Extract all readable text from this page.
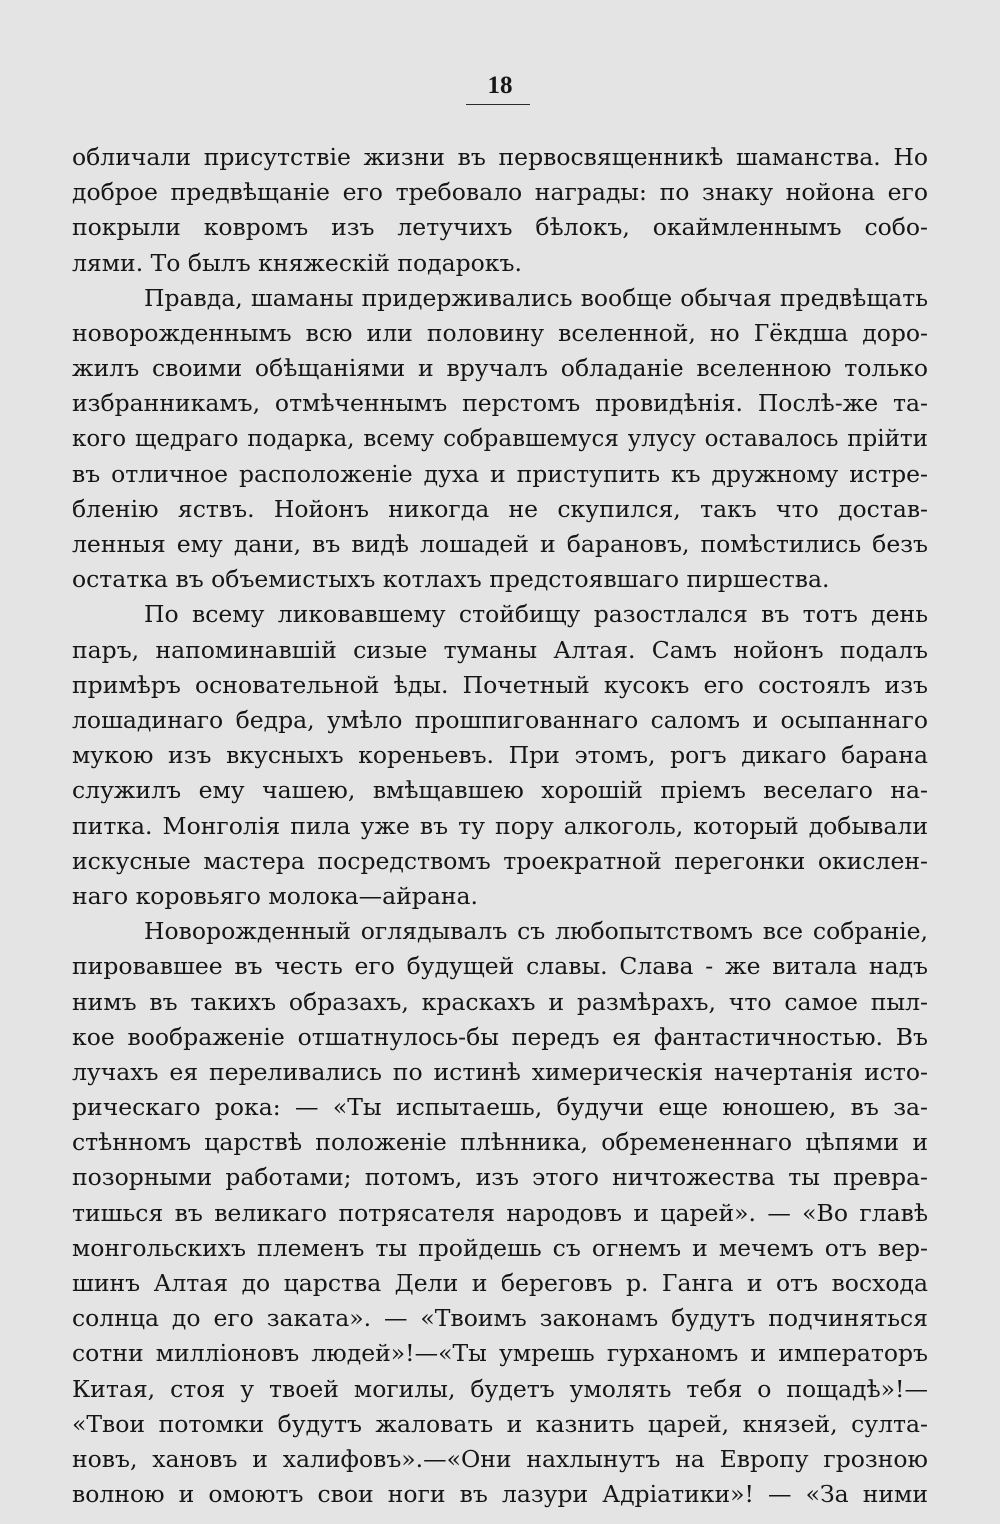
18
обличали присутствіе жизни въ первосвященникѣ шаманства. Но
доброе предвѣщаніе его требовало награды: по знаку нойона его
покрыли ковромъ изъ летучихъ бѣлокъ, окаймленнымъ собо-
лями. То былъ княжескій подарокъ.
Правда, шаманы придерживались вообще обычая предвѣщать
новорожденнымъ всю или половину вселенной, но Гёкдша доро-
жилъ своими обѣщаніями и вручалъ обладаніе вселенною только
избранникамъ, отмѣченнымъ перстомъ провидѣнія. Послѣ-же та-
кого щедраго подарка, всему собравшемуся улусу оставалось прійти
въ отличное расположеніе духа и приступить къ дружному истре-
бленію яствъ. Нойонъ никогда не скупился, такъ что достав-
ленныя ему дани, въ видѣ лошадей и барановъ, помѣстились безъ
остатка въ объемистыхъ котлахъ предстоявшаго пиршества.
По всему ликовавшему стойбищу разостлался въ тотъ день
паръ, напоминавшій сизые туманы Алтая. Самъ нойонъ подалъ
примѣръ основательной ѣды. Почетный кусокъ его состоялъ изъ
лошадинаго бедра, умѣло прошпигованнаго саломъ и осыпаннаго
мукою изъ вкусныхъ кореньевъ. При этомъ, рогъ дикаго барана
служилъ ему чашею, вмѣщавшею хорошій пріемъ веселаго на-
питка. Монголія пила уже въ ту пору алкоголь, который добывали
искусные мастера посредствомъ троекратной перегонки окислен-
наго коровьяго молока—айрана.
Новорожденный оглядывалъ съ любопытствомъ все собраніе,
пировавшее въ честь его будущей славы. Слава - же витала надъ
нимъ въ такихъ образахъ, краскахъ и размѣрахъ, что самое пыл-
кое воображеніе отшатнулось-бы передъ ея фантастичностью. Въ
лучахъ ея переливались по истинѣ химерическія начертанія исто-
рическаго рока: — «Ты испытаешь, будучи еще юношею, въ за-
стѣнномъ царствѣ положеніе плѣнника, обремененнаго цѣпями и
позорными работами; потомъ, изъ этого ничтожества ты превра-
тишься въ великаго потрясателя народовъ и царей». — «Во главѣ
монгольскихъ племенъ ты пройдешь съ огнемъ и мечемъ отъ вер-
шинъ Алтая до царства Дели и береговъ р. Ганга и отъ восхода
солнца до его заката». — «Твоимъ законамъ будутъ подчиняться
сотни милліоновъ людей»!—«Ты умрешь гурханомъ и императоръ
Китая, стоя у твоей могилы, будетъ умолять тебя о пощадѣ»!—
«Твои потомки будутъ жаловать и казнить царей, князей, султа-
новъ, хановъ и халифовъ».—«Они нахлынутъ на Европу грозною
волною и омоютъ свои ноги въ лазури Адріатики»! — «За ними
